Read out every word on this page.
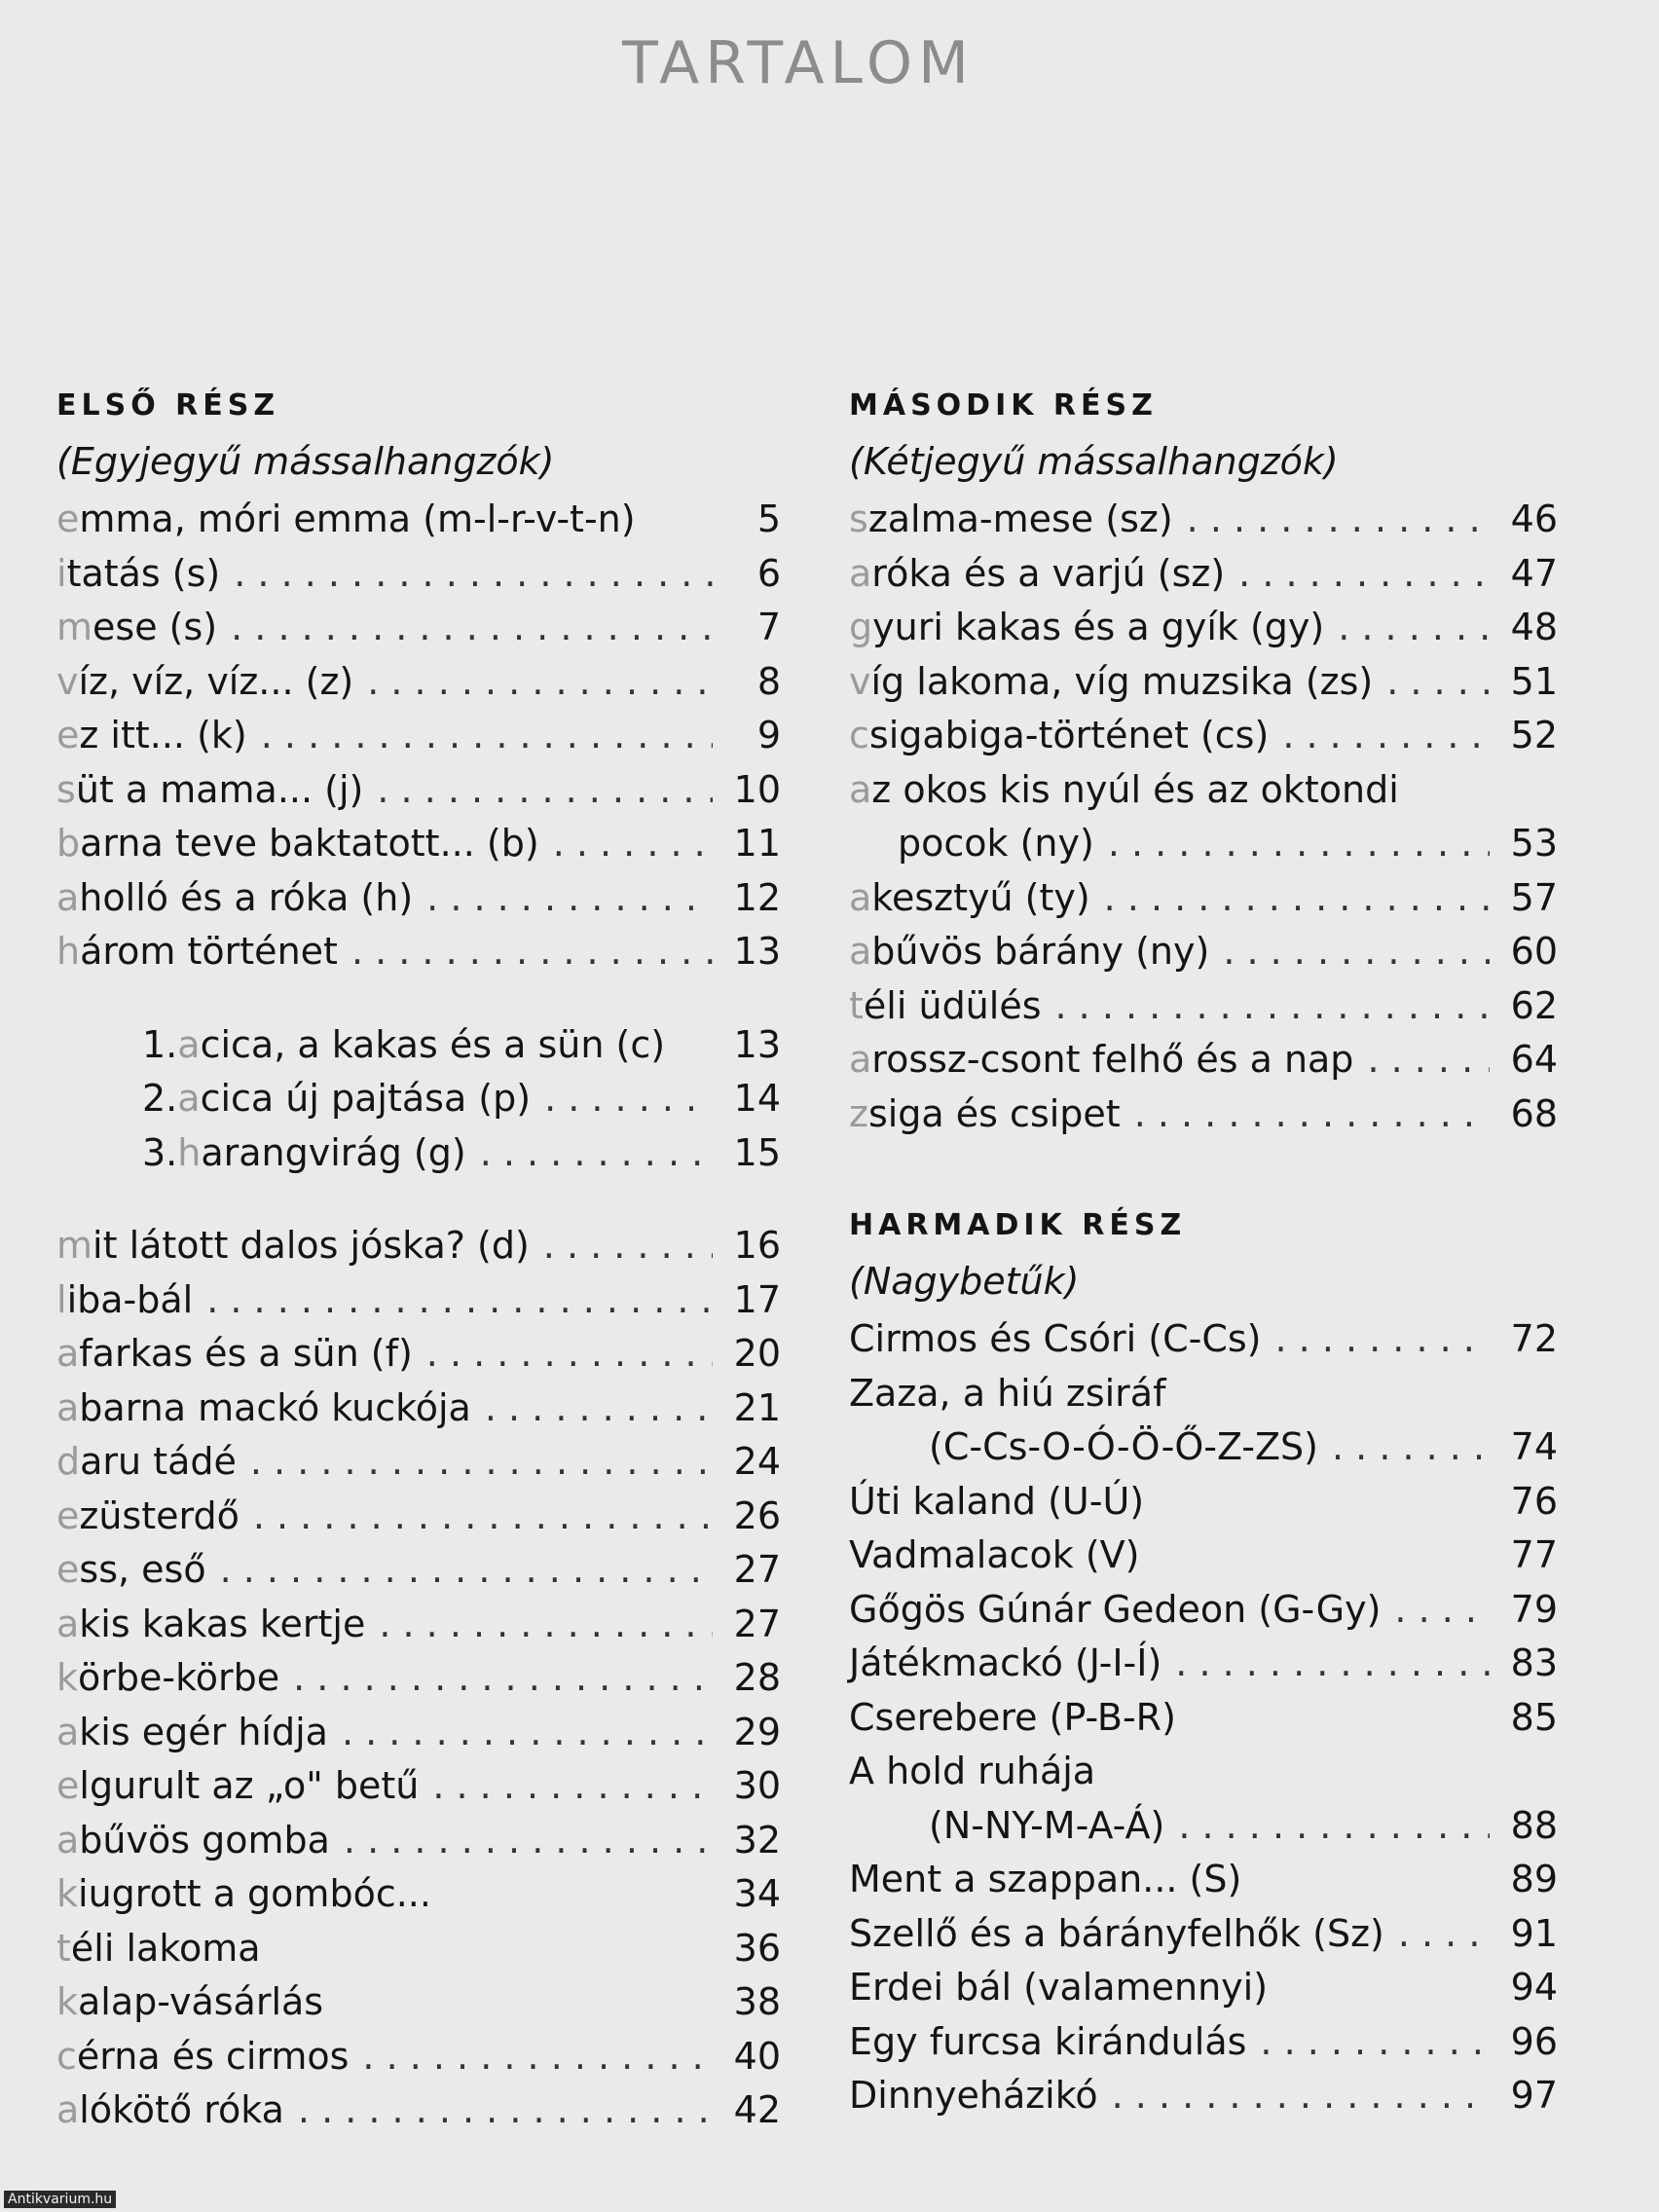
TARTALOM
ELSŐ RÉSZ
(Egyjegyű mássalhangzók)
e mma, móri emma (m-l-r-v-t-n)	5
i tatás (s) . . .	6
m ese (s) . . .	7
v íz, víz, víz... (z) . . .	8
e z itt... (k) . . .	9
s üt a mama... (j) . . .	10
b arna teve baktatott... (b) . . .	11
a holló és a róka (h) . . .	12
h árom történet . . .	13
1. a cica, a kakas és a sün (c)	13
2. a cica új pajtása (p) . . .	14
3. h arangvirág (g) . . .	15
m it látott dalos jóska? (d) . . .	16
l iba-bál . . .	17
a farkas és a sün (f) . . .	20
a barna mackó kuckója . . .	21
d aru tádé . . .	24
e züsterdő . . .	26
e ss, eső . . .	27
a kis kakas kertje . . .	27
k örbe-körbe . . .	28
a kis egér hídja . . .	29
e lgurult az „o" betű . . .	30
a bűvös gomba . . .	32
k iugrott a gombóc...	34
t éli lakoma	36
k alap-vásárlás	38
c érna és cirmos . . .	40
a lókötő róka . . .	42
MÁSODIK RÉSZ
(Kétjegyű mássalhangzók)
s zalma-mese (sz) . . .	46
a róka és a varjú (sz) . . .	47
g yuri kakas és a gyík (gy) . . .	48
v íg lakoma, víg muzsika (zs) . . .	51
c sigabiga-történet (cs) . . .	52
a z okos kis nyúl és az oktondi
pocok (ny) . . .	53
a kesztyű (ty) . . .	57
a bűvös bárány (ny) . . .	60
t éli üdülés . . .	62
a rossz-csont felhő és a nap . . .	64
z siga és csipet . . .	68
HARMADIK RÉSZ
(Nagybetűk)
Cirmos és Csóri (C-Cs) . . .	72
Zaza, a hiú zsiráf
(C-Cs-O-Ó-Ö-Ő-Z-ZS) . . .	74
Úti kaland (U-Ú)	76
Vadmalacok (V)	77
Gőgös Gúnár Gedeon (G-Gy) . . .	79
Játékmackó (J-I-Í) . . .	83
Cserebere (P-B-R)	85
A hold ruhája
(N-NY-M-A-Á) . . .	88
Ment a szappan... (S)	89
Szellő és a bárányfelhők (Sz) . . .	91
Erdei bál (valamennyi)	94
Egy furcsa kirándulás . . .	96
Dinnyeházikó . . .	97
Antikvarium.hu
